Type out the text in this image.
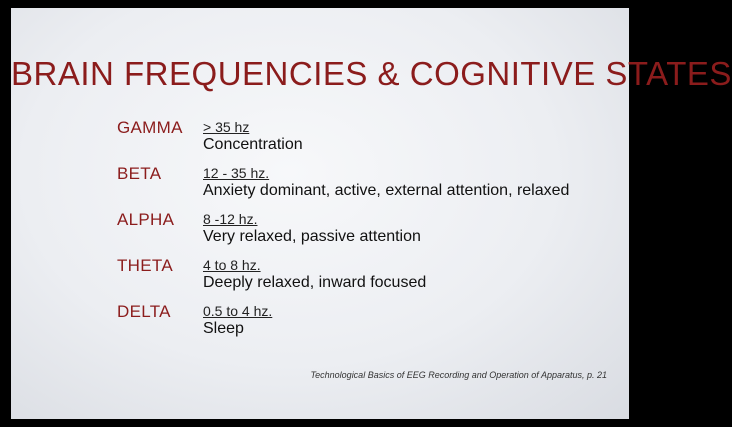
BRAIN FREQUENCIES & COGNITIVE STATES
GAMMA > 35 hz
Concentration
BETA	12 - 35 hz.
Anxiety dominant, active, external attention, relaxed
ALPHA 8 -12 hz.
Very relaxed, passive attention
THETA 4 to 8 hz.
Deeply relaxed, inward focused
DELTA 0.5 to 4 hz.
Sleep
Technological Basics of EEG Recording and Operation of Apparatus, p. 21
